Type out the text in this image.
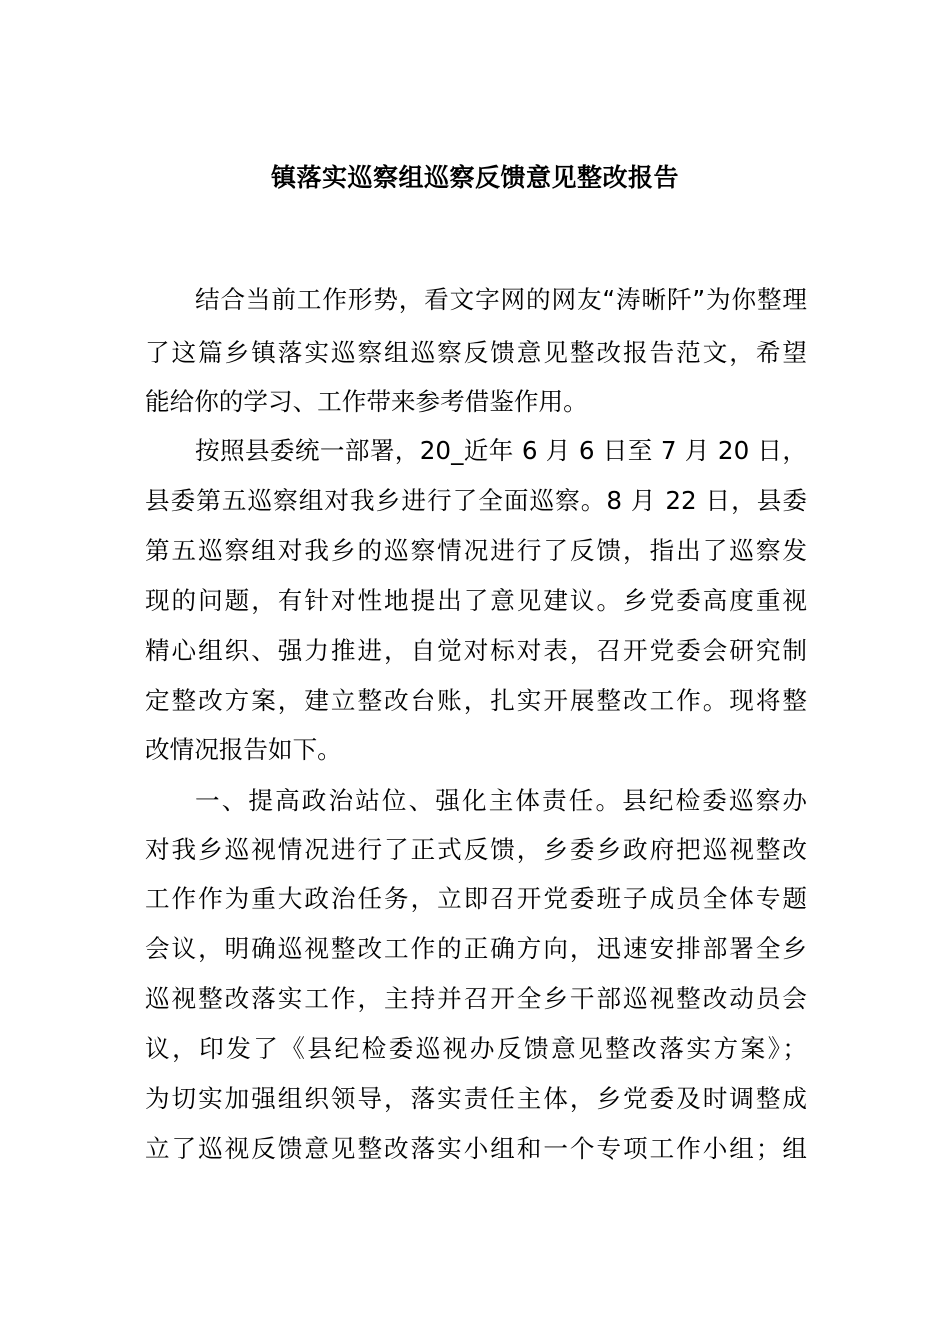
镇落实巡察组巡察反馈意见整改报告
结合当前工作形势，看文字网的网友“涛晰阡”为你整理
了这篇乡镇落实巡察组巡察反馈意见整改报告范文，希望
能给你的学习、工作带来参考借鉴作用。
按照县委统一部署，20_近年 6 月 6 日至 7 月 20 日，
县委第五巡察组对我乡进行了全面巡察。8 月 22 日，县委
第五巡察组对我乡的巡察情况进行了反馈，指出了巡察发
现的问题，有针对性地提出了意见建议。乡党委高度重视
精心组织、强力推进，自觉对标对表，召开党委会研究制
定整改方案，建立整改台账，扎实开展整改工作。现将整
改情况报告如下。
一、提高政治站位、强化主体责任。县纪检委巡察办
对我乡巡视情况进行了正式反馈，乡委乡政府把巡视整改
工作作为重大政治任务，立即召开党委班子成员全体专题
会议，明确巡视整改工作的正确方向，迅速安排部署全乡
巡视整改落实工作，主持并召开全乡干部巡视整改动员会
议，印发了《县纪检委巡视办反馈意见整改落实方案》；
为切实加强组织领导，落实责任主体，乡党委及时调整成
立了巡视反馈意见整改落实小组和一个专项工作小组；组
